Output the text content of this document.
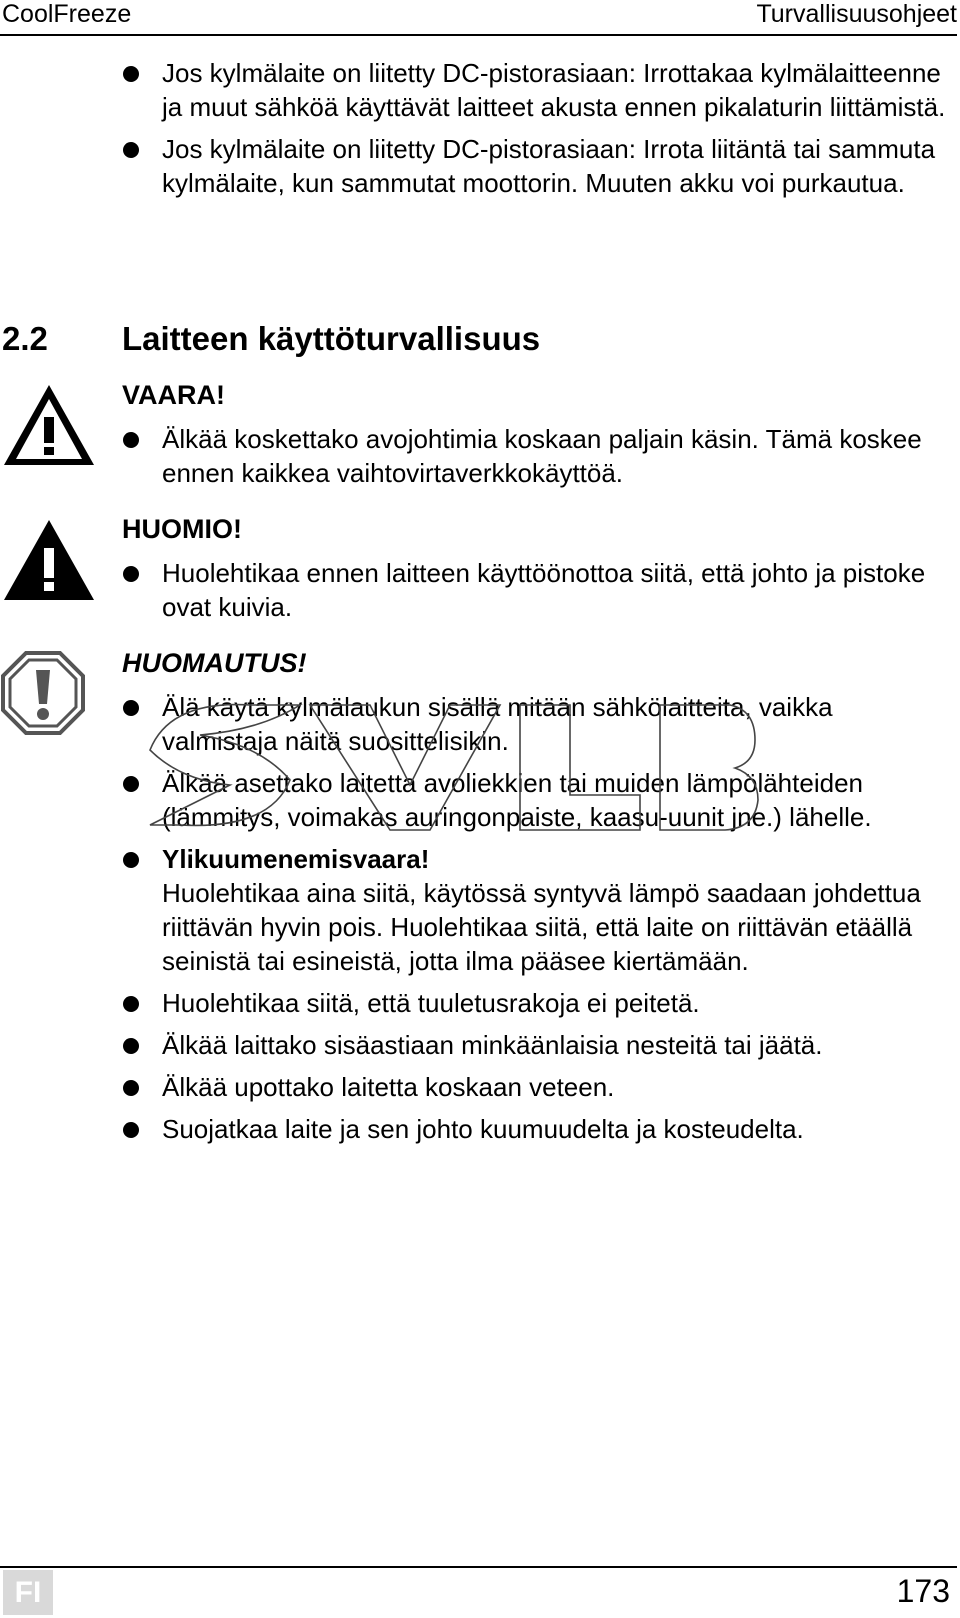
CoolFreeze	Turvallisuusohjeet
Jos kylmälaite on liitetty DC-pistorasiaan: Irrottakaa kylmälaitteenne ja muut sähköä käyttävät laitteet akusta ennen pikalaturin liittämistä.
Jos kylmälaite on liitetty DC-pistorasiaan: Irrota liitäntä tai sammuta kylmälaite, kun sammutat moottorin. Muuten akku voi purkautua.
2.2 Laitteen käyttöturvallisuus
VAARA!
Älkää koskettako avojohtimia koskaan paljain käsin. Tämä koskee ennen kaikkea vaihtovirtaverkkokäyttöä.
HUOMIO!
Huolehtikaa ennen laitteen käyttöönottoa siitä, että johto ja pistoke ovat kuivia.
HUOMAUTUS!
Älä käytä kylmälaukun sisällä mitään sähkölaitteita, vaikka valmistaja näitä suosittelisikin.
Älkää asettako laitetta avoliekkien tai muiden lämpölähteiden (lämmitys, voimakas auringonpaiste, kaasu-uunit jne.) lähelle.
Ylikuumenemisvaara!
Huolehtikaa aina siitä, käytössä syntyvä lämpö saadaan johdettua riittävän hyvin pois. Huolehtikaa siitä, että laite on riittävän etäällä seinistä tai esineistä, jotta ilma pääsee kiertämään.
Huolehtikaa siitä, että tuuletusrakoja ei peitetä.
Älkää laittako sisäastiaan minkäänlaisia nesteitä tai jäätä.
Älkää upottako laitetta koskaan veteen.
Suojatkaa laite ja sen johto kuumuudelta ja kosteudelta.
FI	173
